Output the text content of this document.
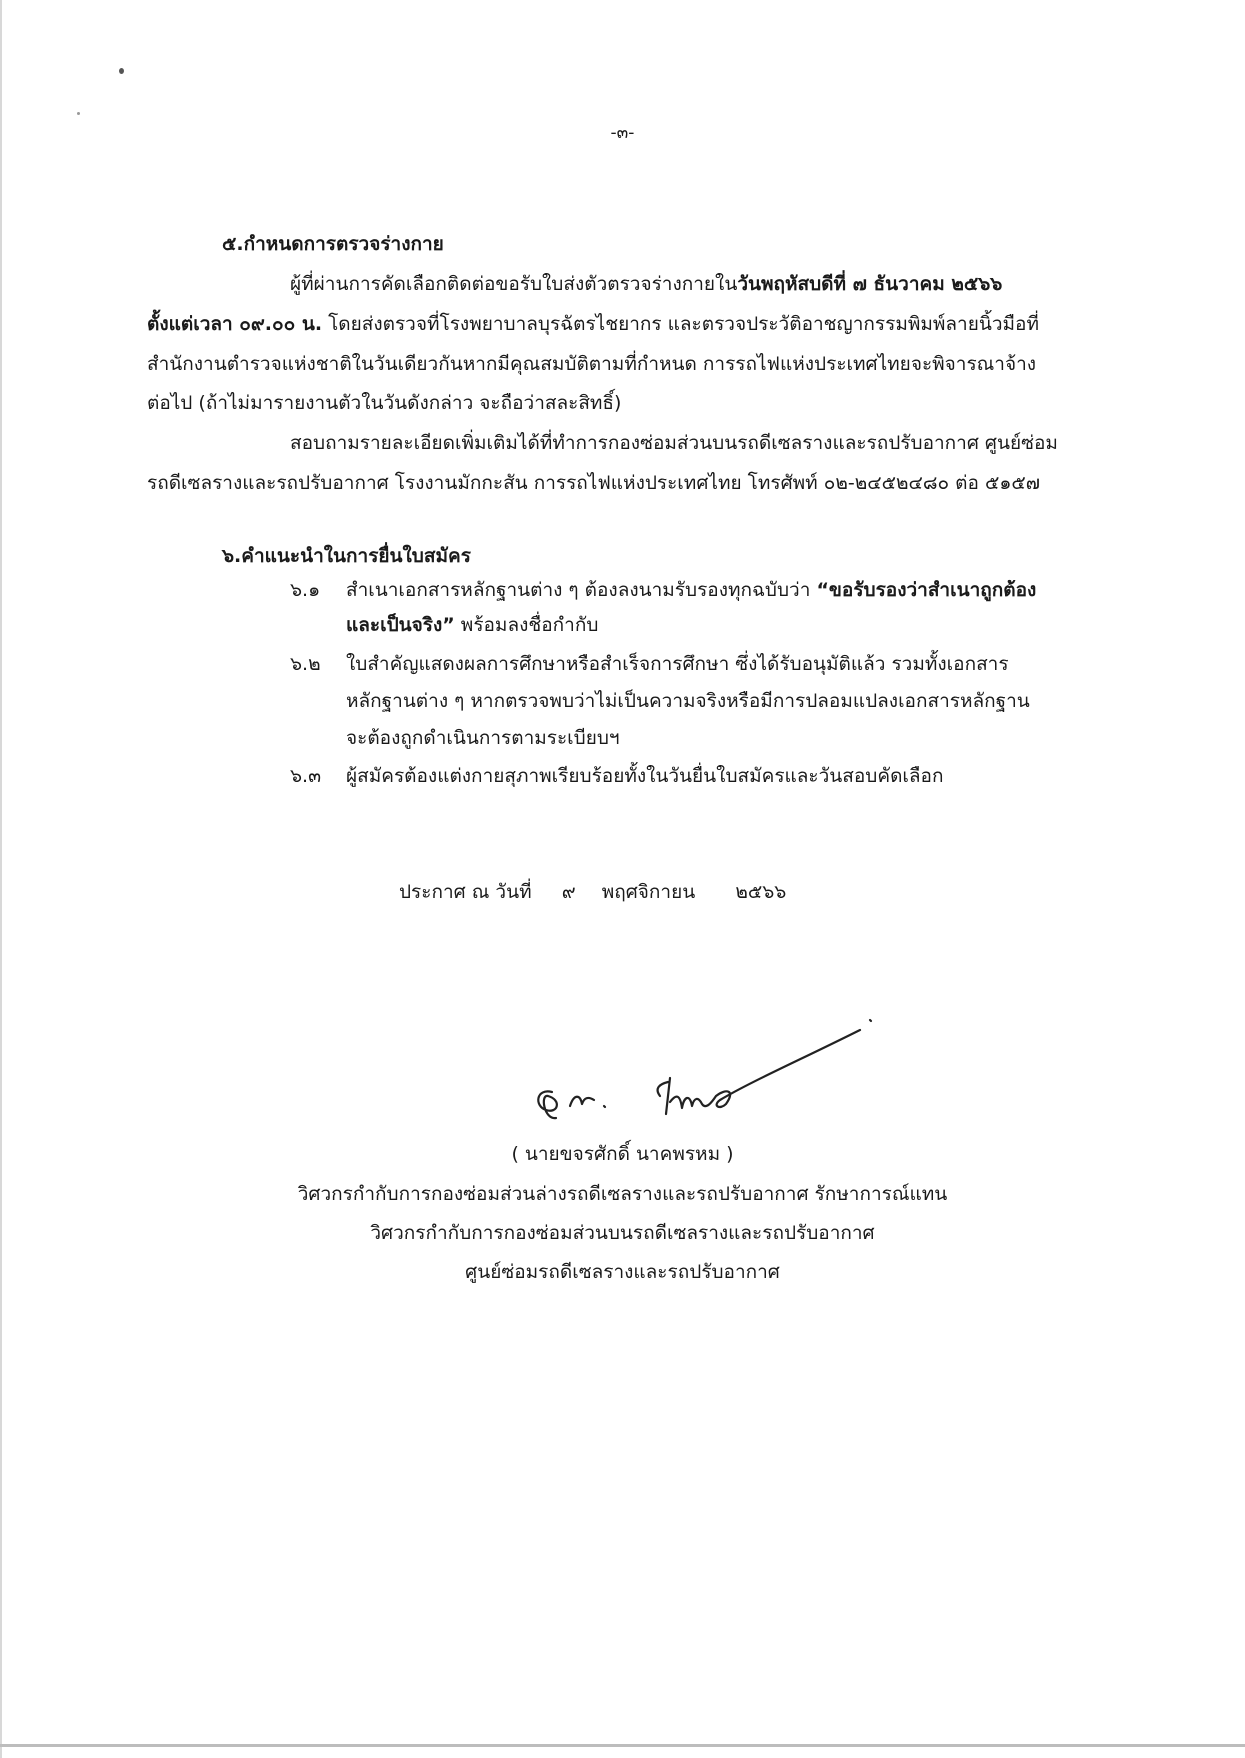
-๓-
๕.กำหนดการตรวจร่างกาย
ผู้ที่ผ่านการคัดเลือกติดต่อขอรับใบส่งตัวตรวจร่างกายในวันพฤหัสบดีที่ ๗ ธันวาคม ๒๕๖๖
ตั้งแต่เวลา ๐๙.๐๐ น. โดยส่งตรวจที่โรงพยาบาลบุรฉัตรไชยากร และตรวจประวัติอาชญากรรมพิมพ์ลายนิ้วมือที่
สำนักงานตำรวจแห่งชาติในวันเดียวกันหากมีคุณสมบัติตามที่กำหนด การรถไฟแห่งประเทศไทยจะพิจารณาจ้าง
ต่อไป (ถ้าไม่มารายงานตัวในวันดังกล่าว จะถือว่าสละสิทธิ์)
สอบถามรายละเอียดเพิ่มเติมได้ที่ทำการกองซ่อมส่วนบนรถดีเซลรางและรถปรับอากาศ ศูนย์ซ่อม
รถดีเซลรางและรถปรับอากาศ โรงงานมักกะสัน การรถไฟแห่งประเทศไทย โทรศัพท์ ๐๒-๒๔๕๒๔๘๐ ต่อ ๕๑๕๗
๖.คำแนะนำในการยื่นใบสมัคร
๖.๑ สำเนาเอกสารหลักฐานต่าง ๆ ต้องลงนามรับรองทุกฉบับว่า “ขอรับรองว่าสำเนาถูกต้อง
และเป็นจริง” พร้อมลงชื่อกำกับ
๖.๒ ใบสำคัญแสดงผลการศึกษาหรือสำเร็จการศึกษา ซึ่งได้รับอนุมัติแล้ว รวมทั้งเอกสาร
หลักฐานต่าง ๆ หากตรวจพบว่าไม่เป็นความจริงหรือมีการปลอมแปลงเอกสารหลักฐาน
จะต้องถูกดำเนินการตามระเบียบฯ
๖.๓ ผู้สมัครต้องแต่งกายสุภาพเรียบร้อยทั้งในวันยื่นใบสมัครและวันสอบคัดเลือก
ประกาศ ณ วันที่ ๙ พฤศจิกายน ๒๕๖๖
( นายขจรศักดิ์ นาคพรหม )
วิศวกรกำกับการกองซ่อมส่วนล่างรถดีเซลรางและรถปรับอากาศ รักษาการณ์แทน
วิศวกรกำกับการกองซ่อมส่วนบนรถดีเซลรางและรถปรับอากาศ
ศูนย์ซ่อมรถดีเซลรางและรถปรับอากาศ
